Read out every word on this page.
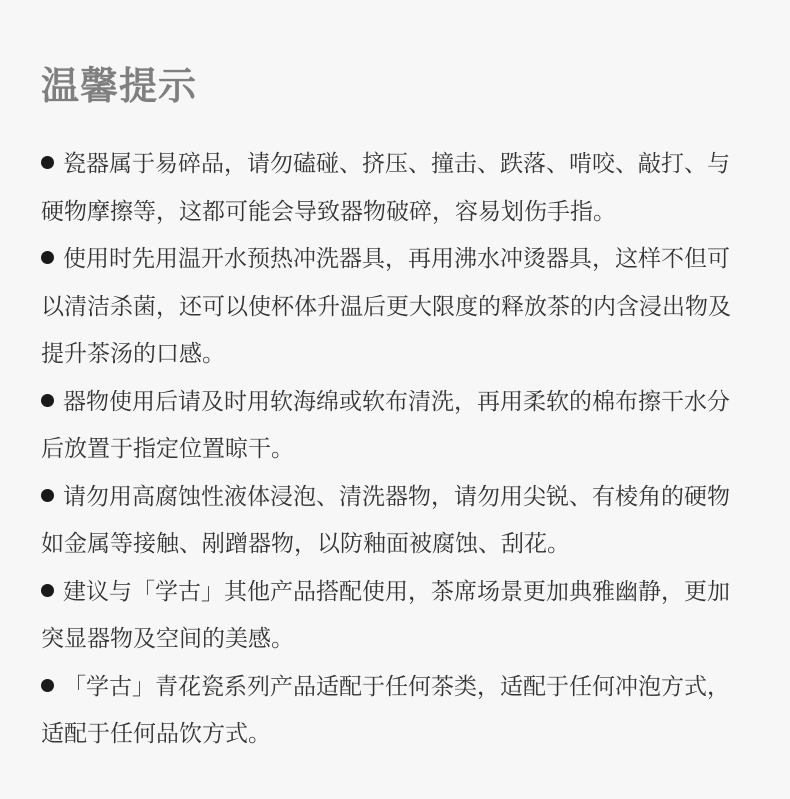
温馨提示
瓷器属于易碎品，请勿磕碰、挤压、撞击、跌落、啃咬、敲打、与硬物摩擦等，这都可能会导致器物破碎，容易划伤手指。
使用时先用温开水预热冲洗器具，再用沸水冲烫器具，这样不但可以清洁杀菌，还可以使杯体升温后更大限度的释放茶的内含浸出物及提升茶汤的口感。
器物使用后请及时用软海绵或软布清洗，再用柔软的棉布擦干水分后放置于指定位置晾干。
请勿用高腐蚀性液体浸泡、清洗器物，请勿用尖锐、有棱角的硬物如金属等接触、剐蹭器物，以防釉面被腐蚀、刮花。
建议与「学古」其他产品搭配使用，茶席场景更加典雅幽静，更加突显器物及空间的美感。
「学古」青花瓷系列产品适配于任何茶类，适配于任何冲泡方式，适配于任何品饮方式。
